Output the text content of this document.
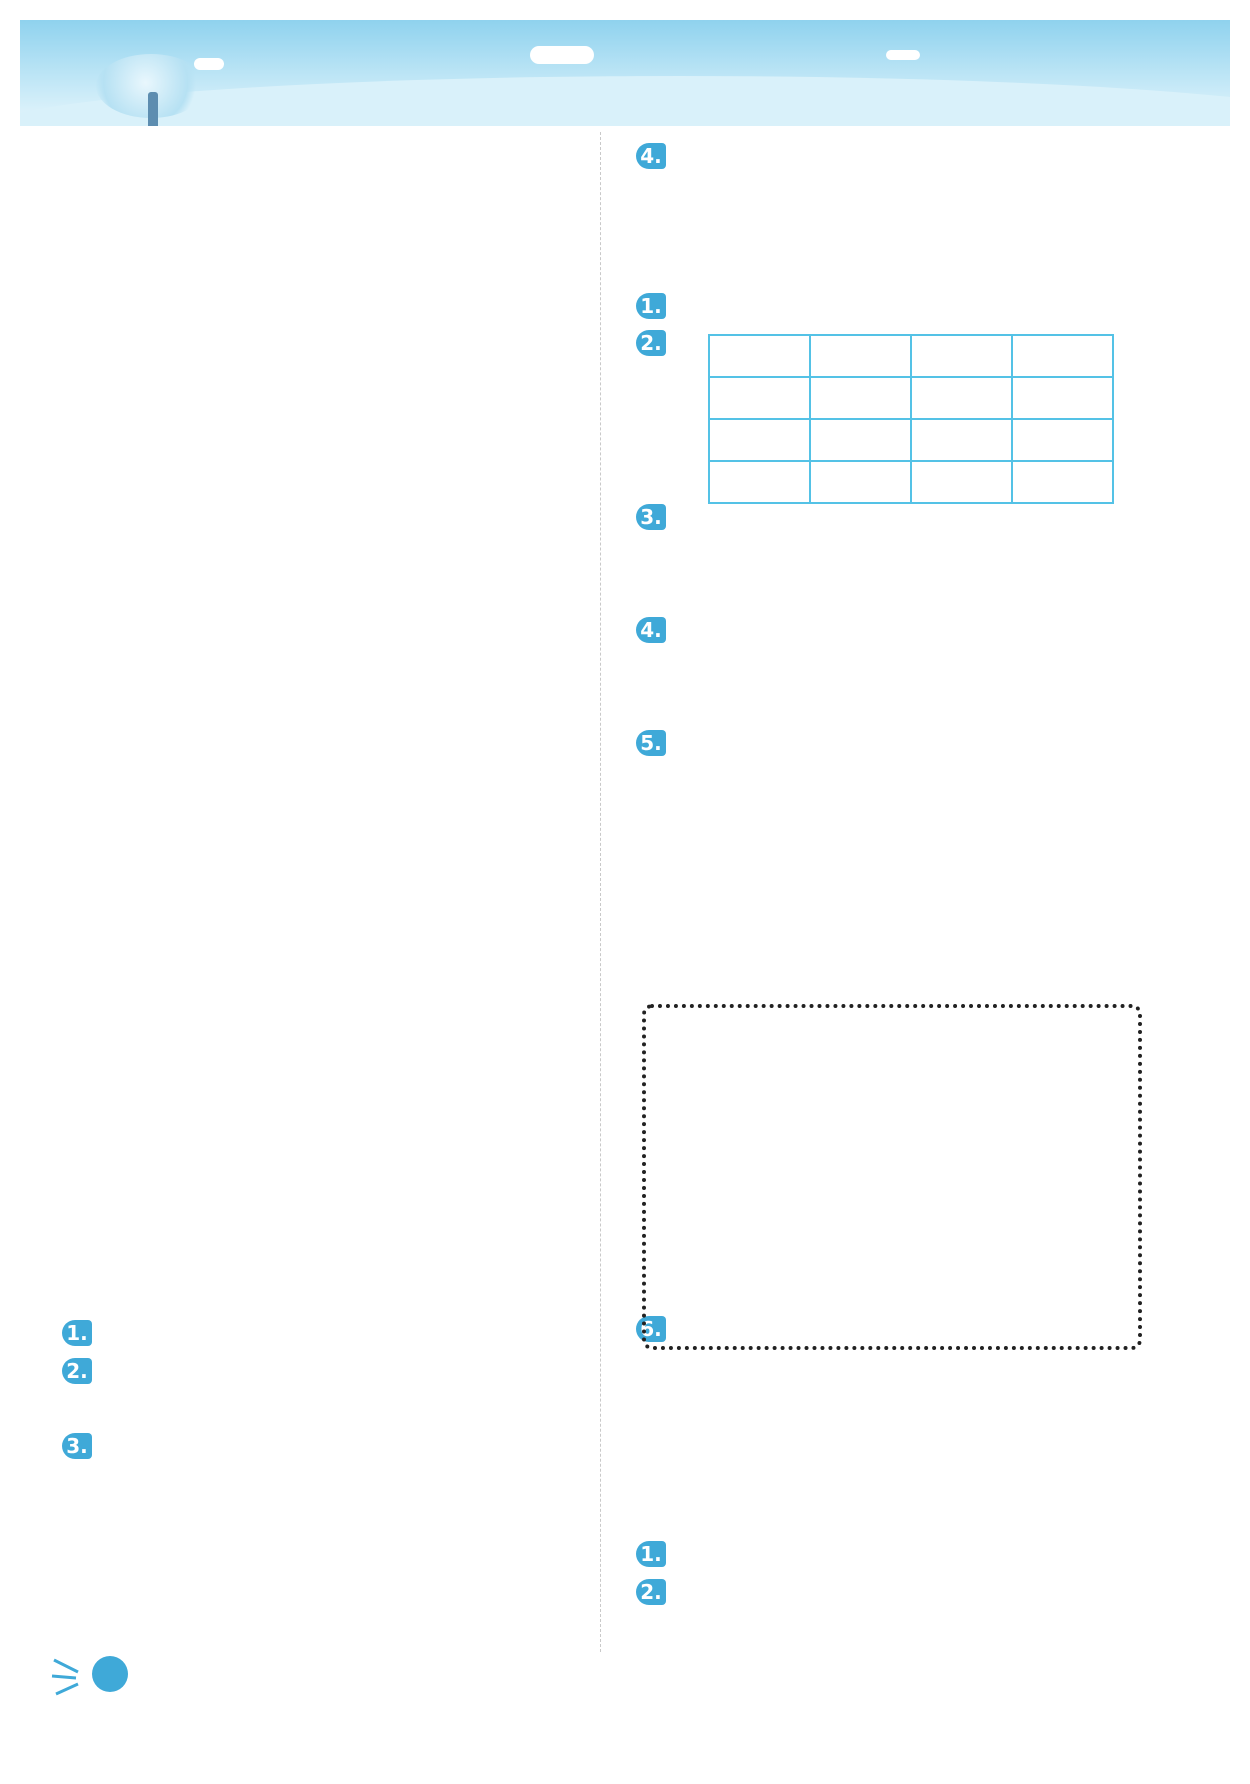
1.
2.
3.
4.
1.
2.

3.
4.
5.
6.
1.
2.
